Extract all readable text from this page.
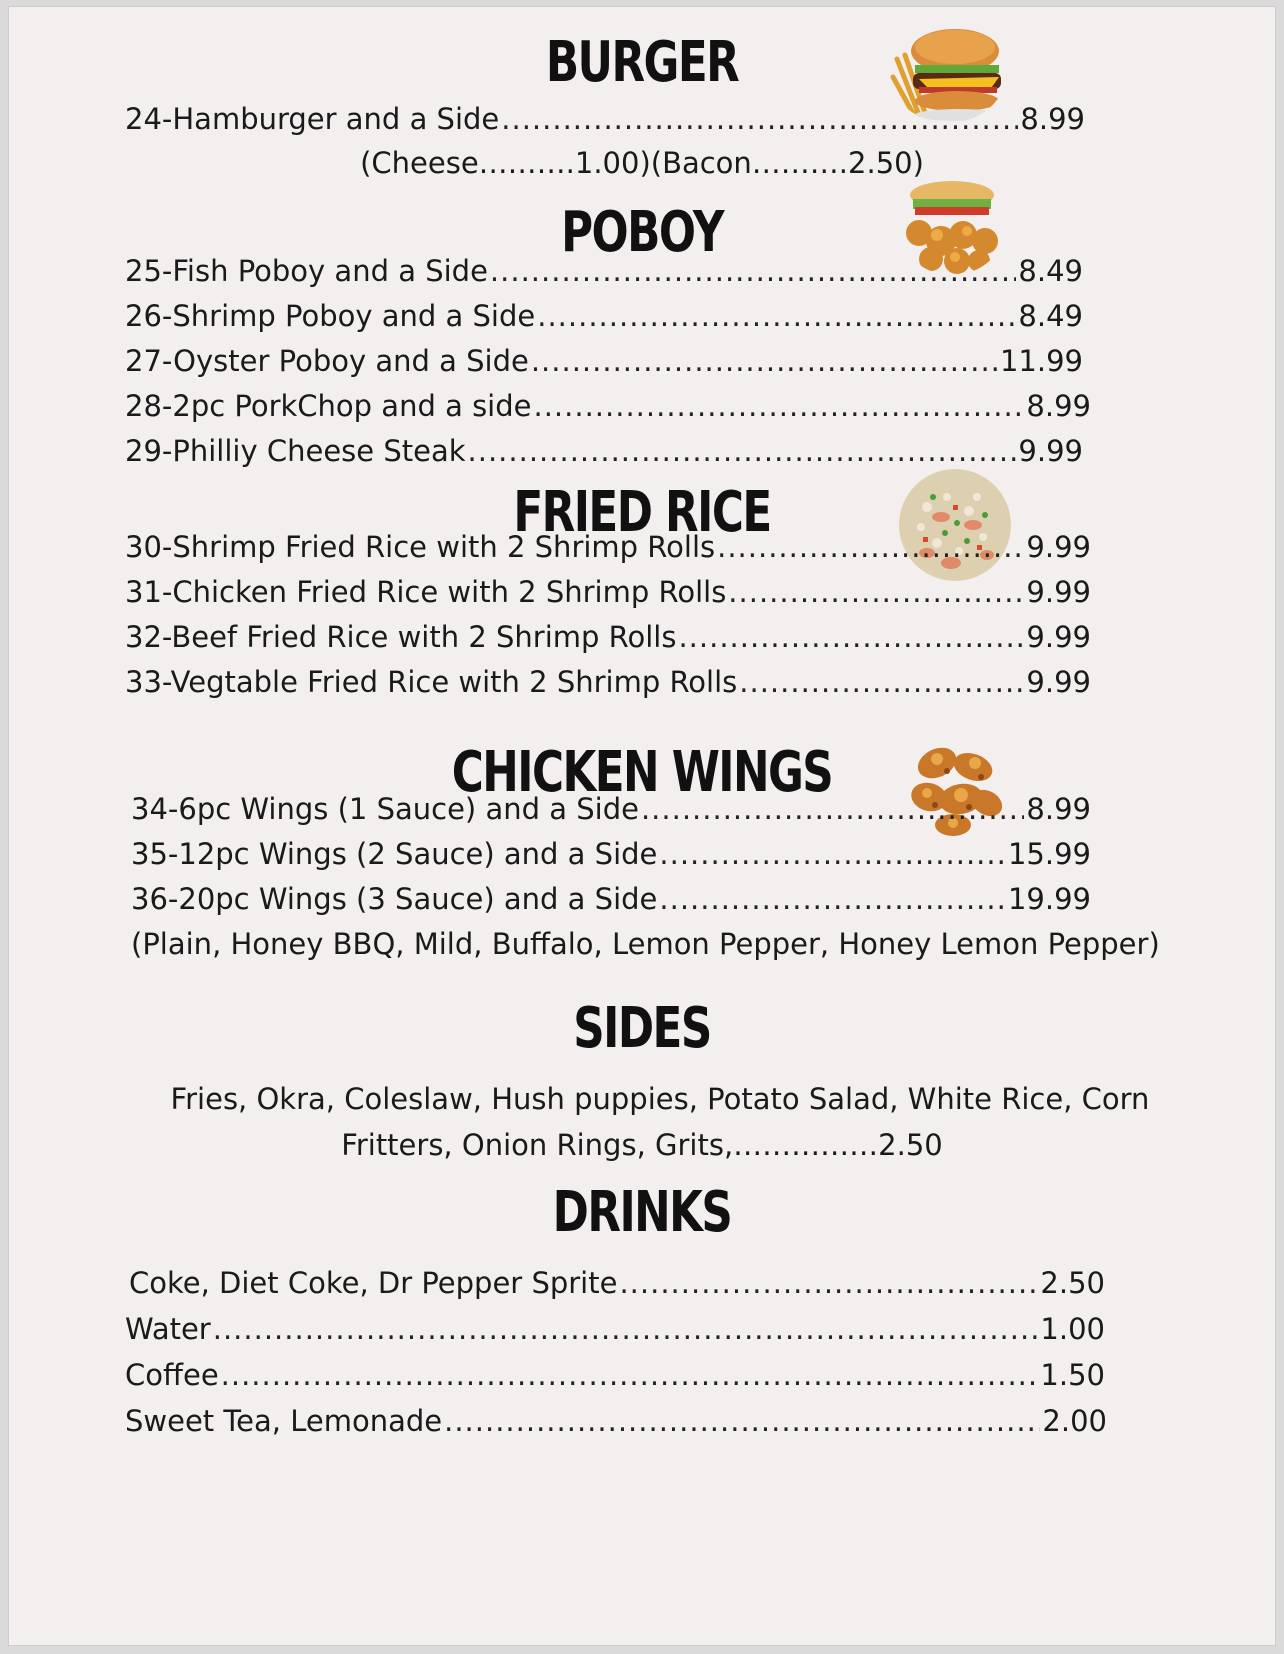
BURGER
24-Hamburger and a Side .....	8.99
(Cheese……….1.00)(Bacon……….2.50)
POBOY
25-Fish Poboy and a Side .....	8.49
26-Shrimp Poboy and a Side .....	8.49
27-Oyster Poboy and a Side .....	11.99
28-2pc PorkChop and a side .....	8.99
29-Philliy Cheese Steak .....	9.99
FRIED RICE
30-Shrimp Fried Rice with 2 Shrimp Rolls .....	9.99
31-Chicken Fried Rice with 2 Shrimp Rolls .....	9.99
32-Beef Fried Rice with 2 Shrimp Rolls .....	9.99
33-Vegtable Fried Rice with 2 Shrimp Rolls .....	9.99
CHICKEN WINGS
34-6pc Wings (1 Sauce) and a Side .....	8.99
35-12pc Wings (2 Sauce) and a Side .....	15.99
36-20pc Wings (3 Sauce) and a Side .....	19.99
(Plain, Honey BBQ, Mild, Buffalo, Lemon Pepper, Honey Lemon Pepper)
SIDES
Fries, Okra, Coleslaw, Hush puppies, Potato Salad, White Rice, Corn
Fritters, Onion Rings, Grits,……………2.50
DRINKS
Coke, Diet Coke, Dr Pepper Sprite .....	2.50
Water .....	1.00
Coffee .....	1.50
Sweet Tea, Lemonade .....	2.00
